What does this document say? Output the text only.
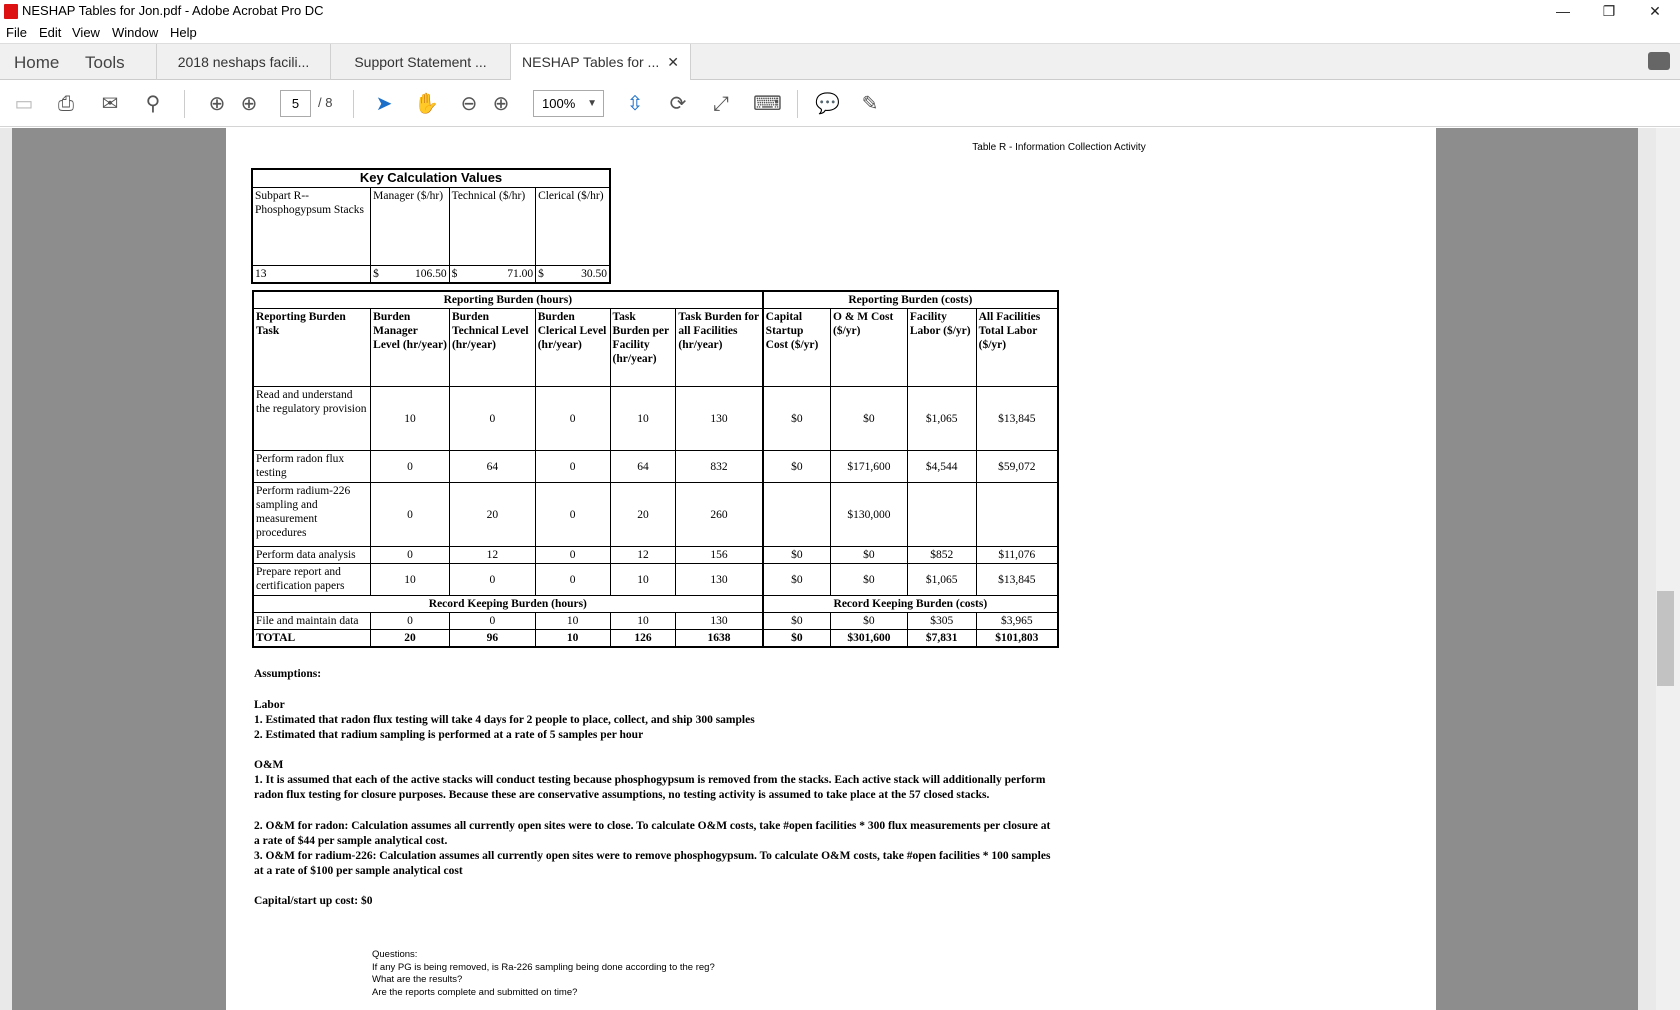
NESHAP Tables for Jon.pdf - Adobe Acrobat Pro DC	—	❐	✕
File Edit View Window Help
Home Tools	2018 neshaps facili...	Support Statement ...	NESHAP Tables for ... ✕
▭ ⎙ ✉ ⚲ ⊕ ⊕	➤ ✋ ⊖ ⊕	⇳ ⟳ ⤢ ⌨ 💬 ✎
5	/ 8	100% ▼
Table R - Information Collection Activity
Key Calculation Values			
Subpart R-- Phosphogypsum Stacks	Manager ($/hr)	Technical ($/hr)	Clerical ($/hr)
13	$ 106.50	$ 71.00	$ 30.50
Reporting Burden (hours)						Reporting Burden (costs)			
Reporting Burden Task	Burden Manager Level (hr/year)	Burden Technical Level (hr/year)	Burden Clerical Level (hr/year)	Task Burden per Facility (hr/year)	Task Burden for all Facilities (hr/year)	Capital Startup Cost ($/yr)	O & M Cost ($/yr)	Facility Labor ($/yr)	All Facilities Total Labor ($/yr)
Read and understand the regulatory provision	10	0	0	10	130	$0	$0	$1,065	$13,845
Perform radon flux testing	0	64	0	64	832	$0	$171,600	$4,544	$59,072
Perform radium-226 sampling and measurement procedures	0	20	0	20	260		$130,000		
Perform data analysis	0	12	0	12	156	$0	$0	$852	$11,076
Prepare report and certification papers	10	0	0	10	130	$0	$0	$1,065	$13,845
Record Keeping Burden (hours)						Record Keeping Burden (costs)			
File and maintain data	0	0	10	10	130	$0	$0	$305	$3,965
TOTAL	20	96	10	126	1638	$0	$301,600	$7,831	$101,803
Assumptions:
Labor
1. Estimated that radon flux testing will take 4 days for 2 people to place, collect, and ship 300 samples
2. Estimated that radium sampling is performed at a rate of 5 samples per hour
O&M
1. It is assumed that each of the active stacks will conduct testing because phosphogypsum is removed from the stacks. Each active stack will additionally perform radon flux testing for closure purposes. Because these are conservative assumptions, no testing activity is assumed to take place at the 57 closed stacks.
2. O&M for radon: Calculation assumes all currently open sites were to close. To calculate O&M costs, take #open facilities * 300 flux measurements per closure at a rate of $44 per sample analytical cost.
3. O&M for radium-226: Calculation assumes all currently open sites were to remove phosphogypsum. To calculate O&M costs, take #open facilities * 100 samples at a rate of $100 per sample analytical cost
Capital/start up cost: $0
Questions:
If any PG is being removed, is Ra-226 sampling being done according to the reg?
What are the results?
Are the reports complete and submitted on time?
